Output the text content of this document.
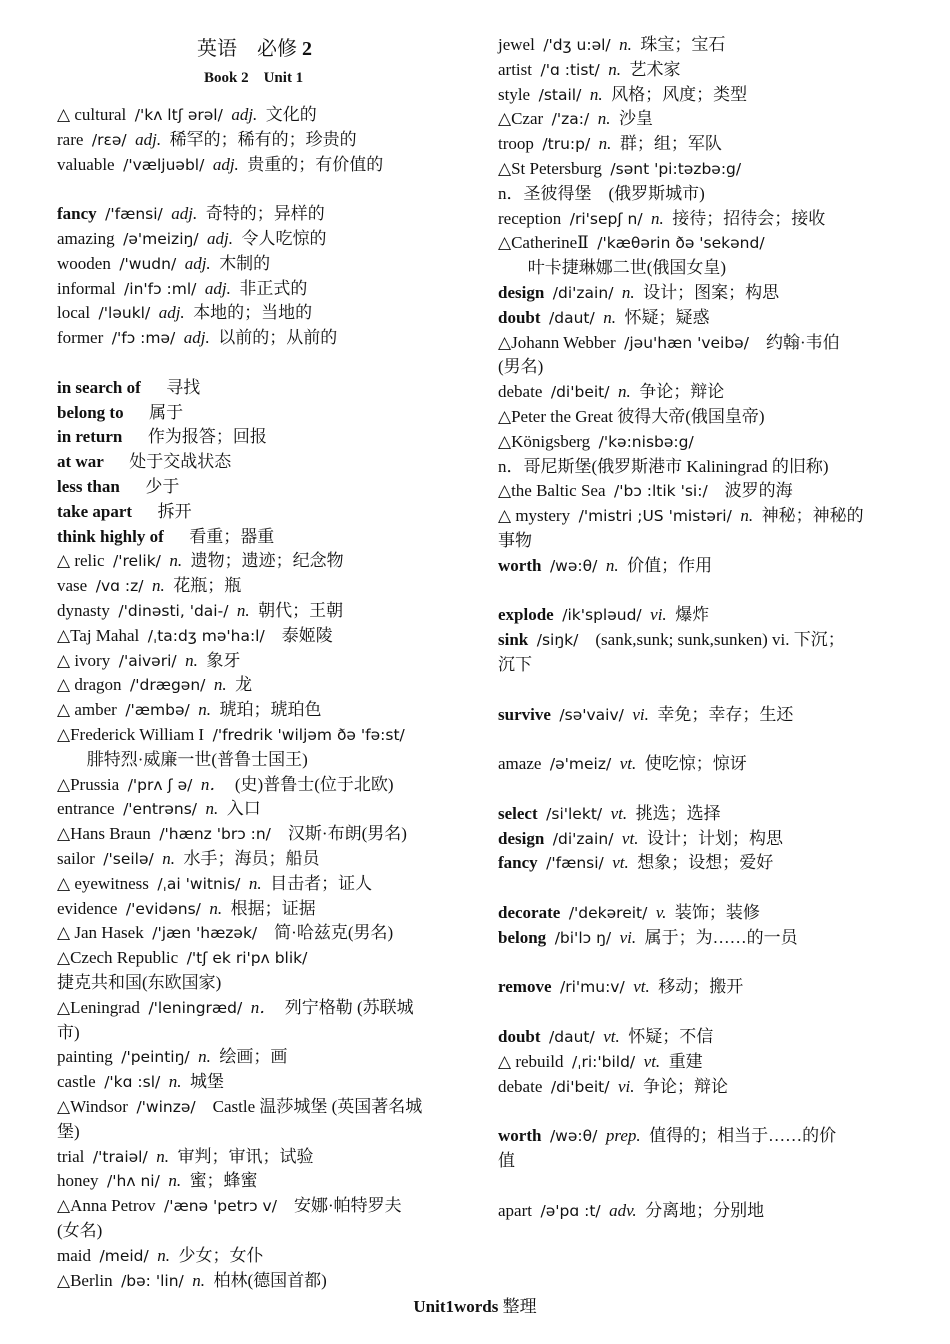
英语　必修 2
Book 2　Unit 1
△ cultural  /'kʌ ltʃ ərəl/  adj.  文化的 
rare  /rɛə/  adj.  稀罕的；稀有的；珍贵的 
valuable  /'væljuəbl/  adj.  贵重的；有价值的 

fancy  /'fænsi/  adj.  奇特的；异样的 
amazing  /ə'meiziŋ/  adj.  令人吃惊的 
wooden  /'wudn/  adj.  木制的 
informal  /in'fɔ :ml/  adj.  非正式的 
local  /'ləukl/  adj.  本地的；当地的 
former  /'fɔ :mə/  adj.  以前的；从前的 

in search of    寻找 
belong to    属于 
in return    作为报答；回报 
at war    处于交战状态 
less than    少于 
take apart    拆开 
think highly of    看重；器重 
△ relic  /'relik/  n.  遗物；遗迹；纪念物 
vase  /vɑ :z/  n.  花瓶；瓶 
dynasty  /'dinəsti, 'dai-/  n.  朝代；王朝 
△Taj Mahal  /ˌta:dʒ mə'ha:l/   泰姬陵 
△ ivory  /'aivəri/  n.  象牙 
△ dragon  /'drægən/  n.  龙 
△ amber  /'æmbə/  n.  琥珀；琥珀色 
△Frederick William I  /'fredrik 'wiljəm ðə 'fə:st/   
    腓特烈·威廉一世(普鲁士国王) 
△Prussia  /'prʌ ʃ ə/  n．  (史)普鲁士(位于北欧) 
entrance  /'entrəns/  n.  入口 
△Hans Braun  /'hænz 'brɔ :n/   汉斯·布朗(男名) 
sailor  /'seilə/  n.  水手；海员；船员 
△ eyewitness  /ˌai 'witnis/  n.  目击者；证人 
evidence  /'evidəns/  n.  根据；证据 
△ Jan Hasek  /'jæn 'hæzək/   简·哈兹克(男名) 
△Czech Republic  /'tʃ ek ri'pʌ blik/   
捷克共和国(东欧国家)    
△Leningrad  /'leningræd/  n．  列宁格勒 (苏联城 
市)    
painting  /'peintiŋ/  n.  绘画；画 
castle  /'kɑ :sl/  n.  城堡 
△Windsor  /'winzə/   Castle 温莎城堡 (英国著名城 
堡)    
trial  /'traiəl/  n.  审判；审讯；试验 
honey  /'hʌ ni/  n.  蜜；蜂蜜 
△Anna Petrov  /'ænə 'petrɔ v/   安娜·帕特罗夫 
(女名)    
maid  /meid/  n.  少女；女仆 
△Berlin  /bə: 'lin/  n.  柏林(德国首都) 
jewel  /'dʒ u:əl/  n.  珠宝；宝石 
artist  /'ɑ :tist/  n.  艺术家 
style  /stail/  n.  风格；风度；类型 
△Czar  /'za:/  n.  沙皇 
troop  /tru:p/  n.  群；组；军队 
△St Petersburg  /sənt 'pi:təzbə:g/   
n．圣彼得堡　(俄罗斯城市)    
reception  /ri'sepʃ n/  n.  接待；招待会；接收 
△CatherineⅡ  /'kæθərin ðə 'sekənd/   
    叶卡捷琳娜二世(俄国女皇) 
design  /di'zain/  n.  设计；图案；构思 
doubt  /daut/  n.  怀疑；疑惑 
△Johann Webber  /jəu'hæn 'veibə/   约翰·韦伯 
(男名)    
debate  /di'beit/  n.  争论；辩论 
△Peter the Great 彼得大帝(俄国皇帝)    
△Königsberg  /'kə:nisbə:g/   
n．哥尼斯堡(俄罗斯港市 Kaliningrad 的旧称)    
△the Baltic Sea  /'bɔ :ltik 'si:/   波罗的海 
△ mystery  /'mistri ;US 'mistəri/  n.  神秘；神秘的 
事物    
worth  /wə:θ/  n.  价值；作用 

explode  /ik'spləud/  vi.  爆炸 
sink  /siŋk/   (sank,sunk; sunk,sunken) vi. 下沉； 
沉下    

survive  /sə'vaiv/  vi.  幸免；幸存；生还 

amaze  /ə'meiz/  vt.  使吃惊；惊讶 

select  /si'lekt/  vt.  挑选；选择 
design  /di'zain/  vt.  设计；计划；构思 
fancy  /'fænsi/  vt.  想象；设想；爱好 

decorate  /'dekəreit/  v.  装饰；装修 
belong  /bi'lɔ ŋ/  vi.  属于；为……的一员 

remove  /ri'mu:v/  vt.  移动；搬开 

doubt  /daut/  vt.  怀疑；不信 
△ rebuild  /ˌri:'bild/  vt.  重建 
debate  /di'beit/  vi.  争论；辩论 

worth  /wə:θ/  prep.  值得的；相当于……的价 
值    

apart  /ə'pɑ :t/  adv.  分离地；分别地 
Unit1words 整理
